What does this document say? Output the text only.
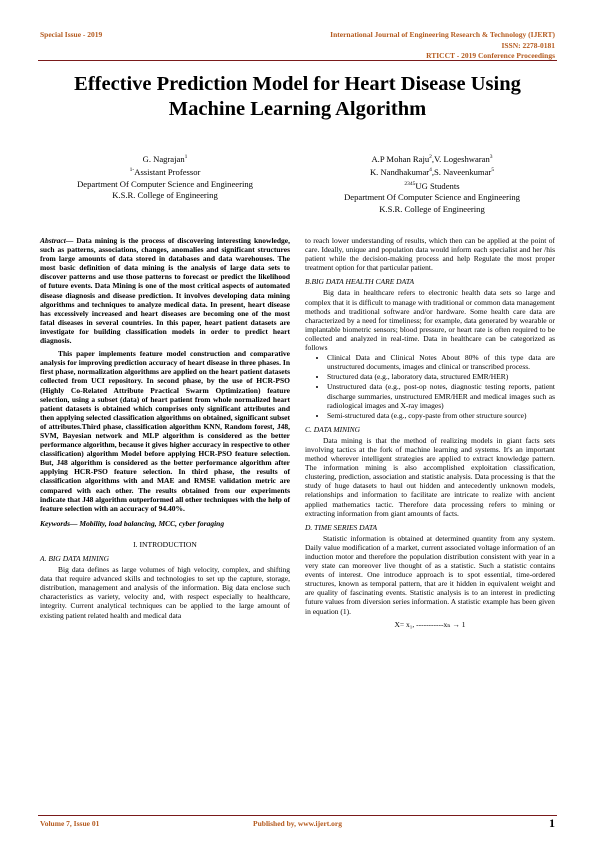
Special Issue - 2019	International Journal of Engineering Research & Technology (IJERT)
ISSN: 2278-0181
RTICCT - 2019 Conference Proceedings
Effective Prediction Model for Heart Disease Using Machine Learning Algorithm
G. Nagrajan$^1$
$^{1-}$Assistant Professor
Department Of Computer Science and Engineering
K.S.R. College of Engineering
A.P Mohan Raju$^2$,V. Logeshwaran$^3$
K. Nandhakumar$^4$,S. Naveenkumar$^5$
$^{2345}$UG Students
Department Of Computer Science and Engineering
K.S.R. College of Engineering

Abstract— Data mining is the process of discovering interesting knowledge, such as patterns, associations, changes, anomalies and significant structures from large amounts of data stored in databases and data warehouses. The most basic definition of data mining is the analysis of large data sets to discover patterns and use those patterns to forecast or predict the likelihood of future events. Data Mining is one of the most critical aspects of automated disease diagnosis and disease prediction. It involves developing data mining algorithms and techniques to analyze medical data. In present, heart disease has excessively increased and heart diseases are becoming one of the most fatal diseases in several countries. In this paper, heart patient datasets are investigate for building classification models in order to predict heart diagnosis.

This paper implements feature model construction and comparative analysis for improving prediction accuracy of heart disease in three phases. In first phase, normalization algorithms are applied on the heart patient datasets collected from UCI repository. In second phase, by the use of HCR-PSO (Highly Co-Related Attribute Practical Swarm Optimization) feature selection, using a subset (data) of heart patient from whole normalized heart patient datasets is obtained which comprises only significant attributes and then applying selected classification algorithms on obtained, significant subset of attributes.Third phase, classification algorithm KNN, Random forest, J48, SVM, Bayesian network and MLP algorithm is considered as the better performance algorithm, because it gives higher accuracy in respective to other classification) algorithm Model before applying HCR-PSO feature selection. But, J48 algorithm is considered as the better performance algorithm after applying HCR-PSO feature selection. In third phase, the results of classification algorithms with and MAE and RMSE validation metric are compared with each other. The results obtained from our experiments indicate that J48 algorithm outperformed all other techniques with the help of feature selection with an accuracy of 94.40%.

Keywords— Mobility, load balancing, MCC, cyber foraging

I. INTRODUCTION
A. BIG DATA MINING

Big data defines as large volumes of high velocity, complex, and shifting data that require advanced skills and technologies to set up the capture, storage, distribution, management and analysis of the information. Big data enclose such characteristics as variety, velocity and, with respect especially to healthcare, integrity. Current analytical techniques can be applied to the large amount of existing patient related health and medical data

to reach lower understanding of results, which then can be applied at the point of care. Ideally, unique and population data would inform each specialist and her /his patient while the decision-making process and help Regulate the most proper treatment option for that particular patient.

B.BIG DATA HEALTH CARE DATA

Big data in healthcare refers to electronic health data sets so large and complex that it is difficult to manage with traditional or common data management methods and traditional software and/or hardware. Some health care data are characterized by a need for timeliness; for example, data generated by wearable or implantable biometric sensors; blood pressure, or heart rate is often required to be collected and analyzed in real-time. Data in healthcare can be categorized as follows

• Clinical Data and Clinical Notes About 80% of this type data are unstructured documents, images and clinical or transcribed process.
• Structured data (e.g., laboratory data, structured EMR/HER)
• Unstructured data (e.g., post-op notes, diagnostic testing reports, patient discharge summaries, unstructured EMR/HER and medical images such as radiological images and X-ray images)
• Semi-structured data (e.g., copy-paste from other structure source)
C. DATA MINING

Data mining is that the method of realizing models in giant facts sets involving tactics at the fork of machine learning and systems. It's an important method wherever intelligent strategies are applied to extract knowledge pattern. The information mining is also accomplished exploitation classification, clustering, prediction, association and statistic analysis. Data processing is that the study of huge datasets to haul out hidden and antecedently unknown models, relationships and information to facilitate are intricate to realize with ancient applied mathematics tactic. Therefore data processing refers to mining or extracting information from giant amounts of facts.

D. TIME SERIES DATA

Statistic information is obtained at determined quantity from any system. Daily value modification of a market, current associated voltage information of an induction motor and therefore the population distribution consistent with year in a very state can moreover live thought of as a statistic. Such a statistic contains events of interest. One introduce approach is to spot essential, time-ordered structures, known as temporal pattern, that are it hidden in equivalent weight and are quality of fascinating events. Statistic analysis is to an interest in predicting future values from diversion series information. A statistic example has been given in equation (1).

X= x₁, -----------xₙ → 1
Volume 7, Issue 01	Published by, www.ijert.org	1
